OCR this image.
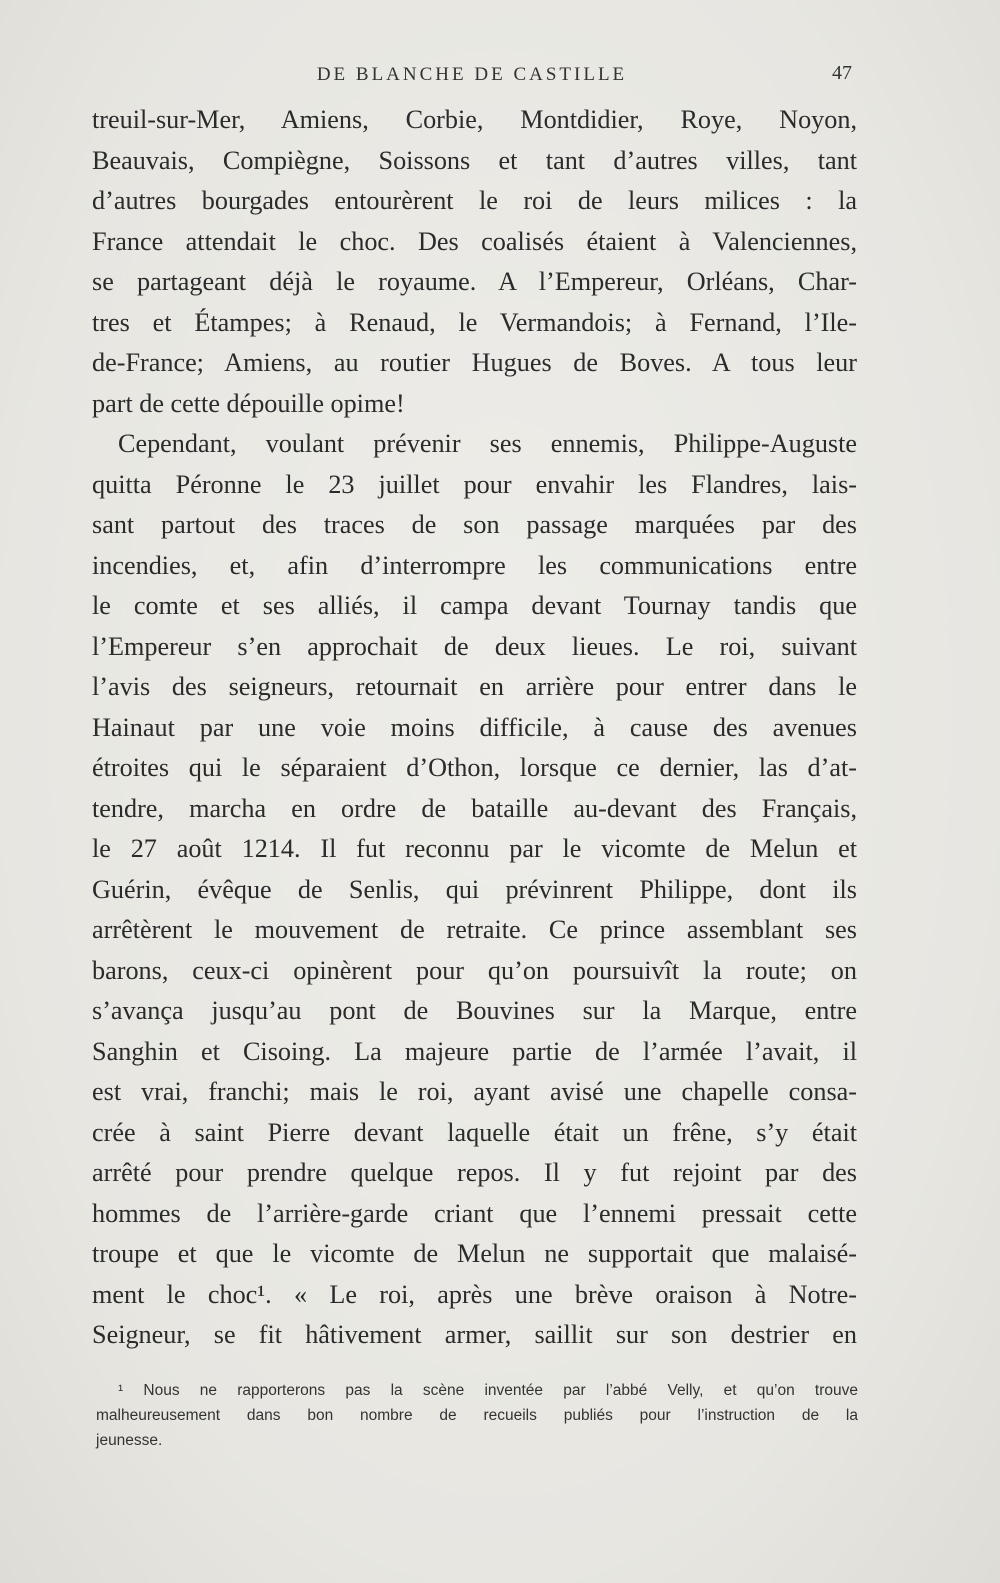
DE BLANCHE DE CASTILLE	47
treuil-sur-Mer, Amiens, Corbie, Montdidier, Roye, Noyon,
Beauvais, Compiègne, Soissons et tant d’autres villes, tant
d’autres bourgades entourèrent le roi de leurs milices : la
France attendait le choc. Des coalisés étaient à Valenciennes,
se partageant déjà le royaume. A l’Empereur, Orléans, Char-
tres et Étampes; à Renaud, le Vermandois; à Fernand, l’Ile-
de-France; Amiens, au routier Hugues de Boves. A tous leur
part de cette dépouille opime!
Cependant, voulant prévenir ses ennemis, Philippe-Auguste
quitta Péronne le 23 juillet pour envahir les Flandres, lais-
sant partout des traces de son passage marquées par des
incendies, et, afin d’interrompre les communications entre
le comte et ses alliés, il campa devant Tournay tandis que
l’Empereur s’en approchait de deux lieues. Le roi, suivant
l’avis des seigneurs, retournait en arrière pour entrer dans le
Hainaut par une voie moins difficile, à cause des avenues
étroites qui le séparaient d’Othon, lorsque ce dernier, las d’at-
tendre, marcha en ordre de bataille au-devant des Français,
le 27 août 1214. Il fut reconnu par le vicomte de Melun et
Guérin, évêque de Senlis, qui prévinrent Philippe, dont ils
arrêtèrent le mouvement de retraite. Ce prince assemblant ses
barons, ceux-ci opinèrent pour qu’on poursuivît la route; on
s’avança jusqu’au pont de Bouvines sur la Marque, entre
Sanghin et Cisoing. La majeure partie de l’armée l’avait, il
est vrai, franchi; mais le roi, ayant avisé une chapelle consa-
crée à saint Pierre devant laquelle était un frêne, s’y était
arrêté pour prendre quelque repos. Il y fut rejoint par des
hommes de l’arrière-garde criant que l’ennemi pressait cette
troupe et que le vicomte de Melun ne supportait que malaisé-
ment le choc¹. « Le roi, après une brève oraison à Notre-
Seigneur, se fit hâtivement armer, saillit sur son destrier en
¹ Nous ne rapporterons pas la scène inventée par l’abbé Velly, et qu’on trouve
malheureusement dans bon nombre de recueils publiés pour l’instruction de la
jeunesse.
